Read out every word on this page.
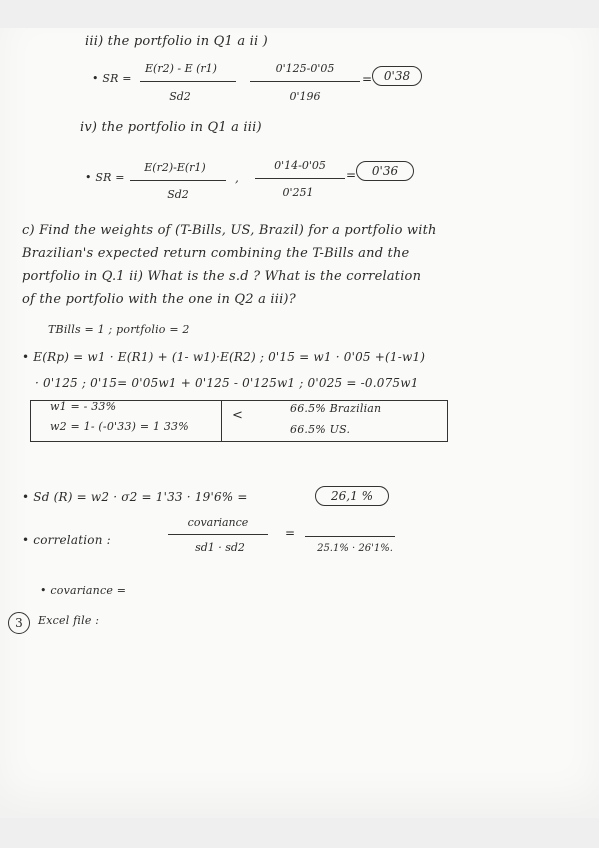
iii) the portfolio in Q1 a ii )
• SR =
E(r2) - E (r1)
Sd2
0'125-0'05
0'196
= 0'38
iv) the portfolio in Q1 a iii)
• SR =
E(r2)-E(r1)
Sd2
,
0'14-0'05
0'251
=	0'36
c) Find the weights of (T-Bills, US, Brazil) for a portfolio with
Brazilian's expected return combining the T-Bills and the
portfolio in Q.1 ii) What is the s.d ? What is the correlation
of the portfolio with the one in Q2 a iii)?
TBills = 1 ; portfolio = 2
• E(Rp) = w1 · E(R1) + (1- w1)·E(R2) ; 0'15 = w1 · 0'05 +(1-w1)
· 0'125 ; 0'15= 0'05w1 + 0'125 - 0'125w1 ; 0'025 = -0.075w1
w1 = - 33%
w2 = 1- (-0'33) = 1 33%
<	66.5% Brazilian
66.5% US.
• Sd (R) = w2 · σ2 = 1'33 · 19'6% =	26,1 %
• correlation :
covariance
sd1 · sd2
=
25.1% · 26'1%.
• covariance =
3	Excel file :
